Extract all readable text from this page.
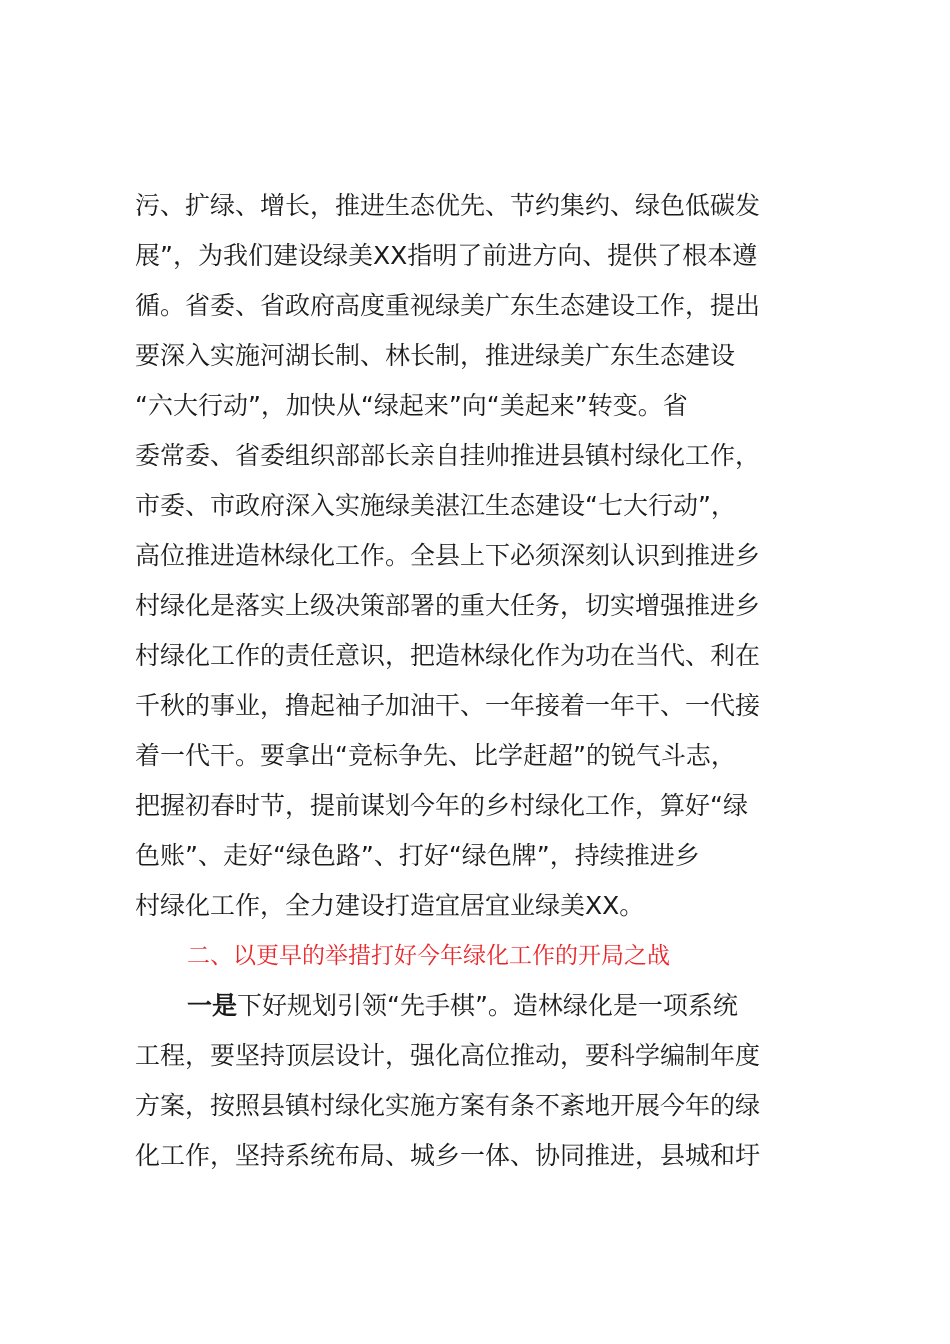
污、扩绿、增长，推进生态优先、节约集约、绿色低碳发
展”，为我们建设绿美XX指明了前进方向、提供了根本遵
循。省委、省政府高度重视绿美广东生态建设工作，提出
要深入实施河湖长制、林长制，推进绿美广东生态建设
“六大行动”，加快从“绿起来”向“美起来”转变。省
委常委、省委组织部部长亲自挂帅推进县镇村绿化工作，
市委、市政府深入实施绿美湛江生态建设“七大行动”，
高位推进造林绿化工作。全县上下必须深刻认识到推进乡
村绿化是落实上级决策部署的重大任务，切实增强推进乡
村绿化工作的责任意识，把造林绿化作为功在当代、利在
千秋的事业，撸起袖子加油干、一年接着一年干、一代接
着一代干。要拿出“竞标争先、比学赶超”的锐气斗志，
把握初春时节，提前谋划今年的乡村绿化工作，算好“绿
色账”、走好“绿色路”、打好“绿色牌”，持续推进乡
村绿化工作，全力建设打造宜居宜业绿美XX。
二、以更早的举措打好今年绿化工作的开局之战
一是下好规划引领“先手棋”。造林绿化是一项系统
工程，要坚持顶层设计，强化高位推动，要科学编制年度
方案，按照县镇村绿化实施方案有条不紊地开展今年的绿
化工作，坚持系统布局、城乡一体、协同推进，县城和圩
